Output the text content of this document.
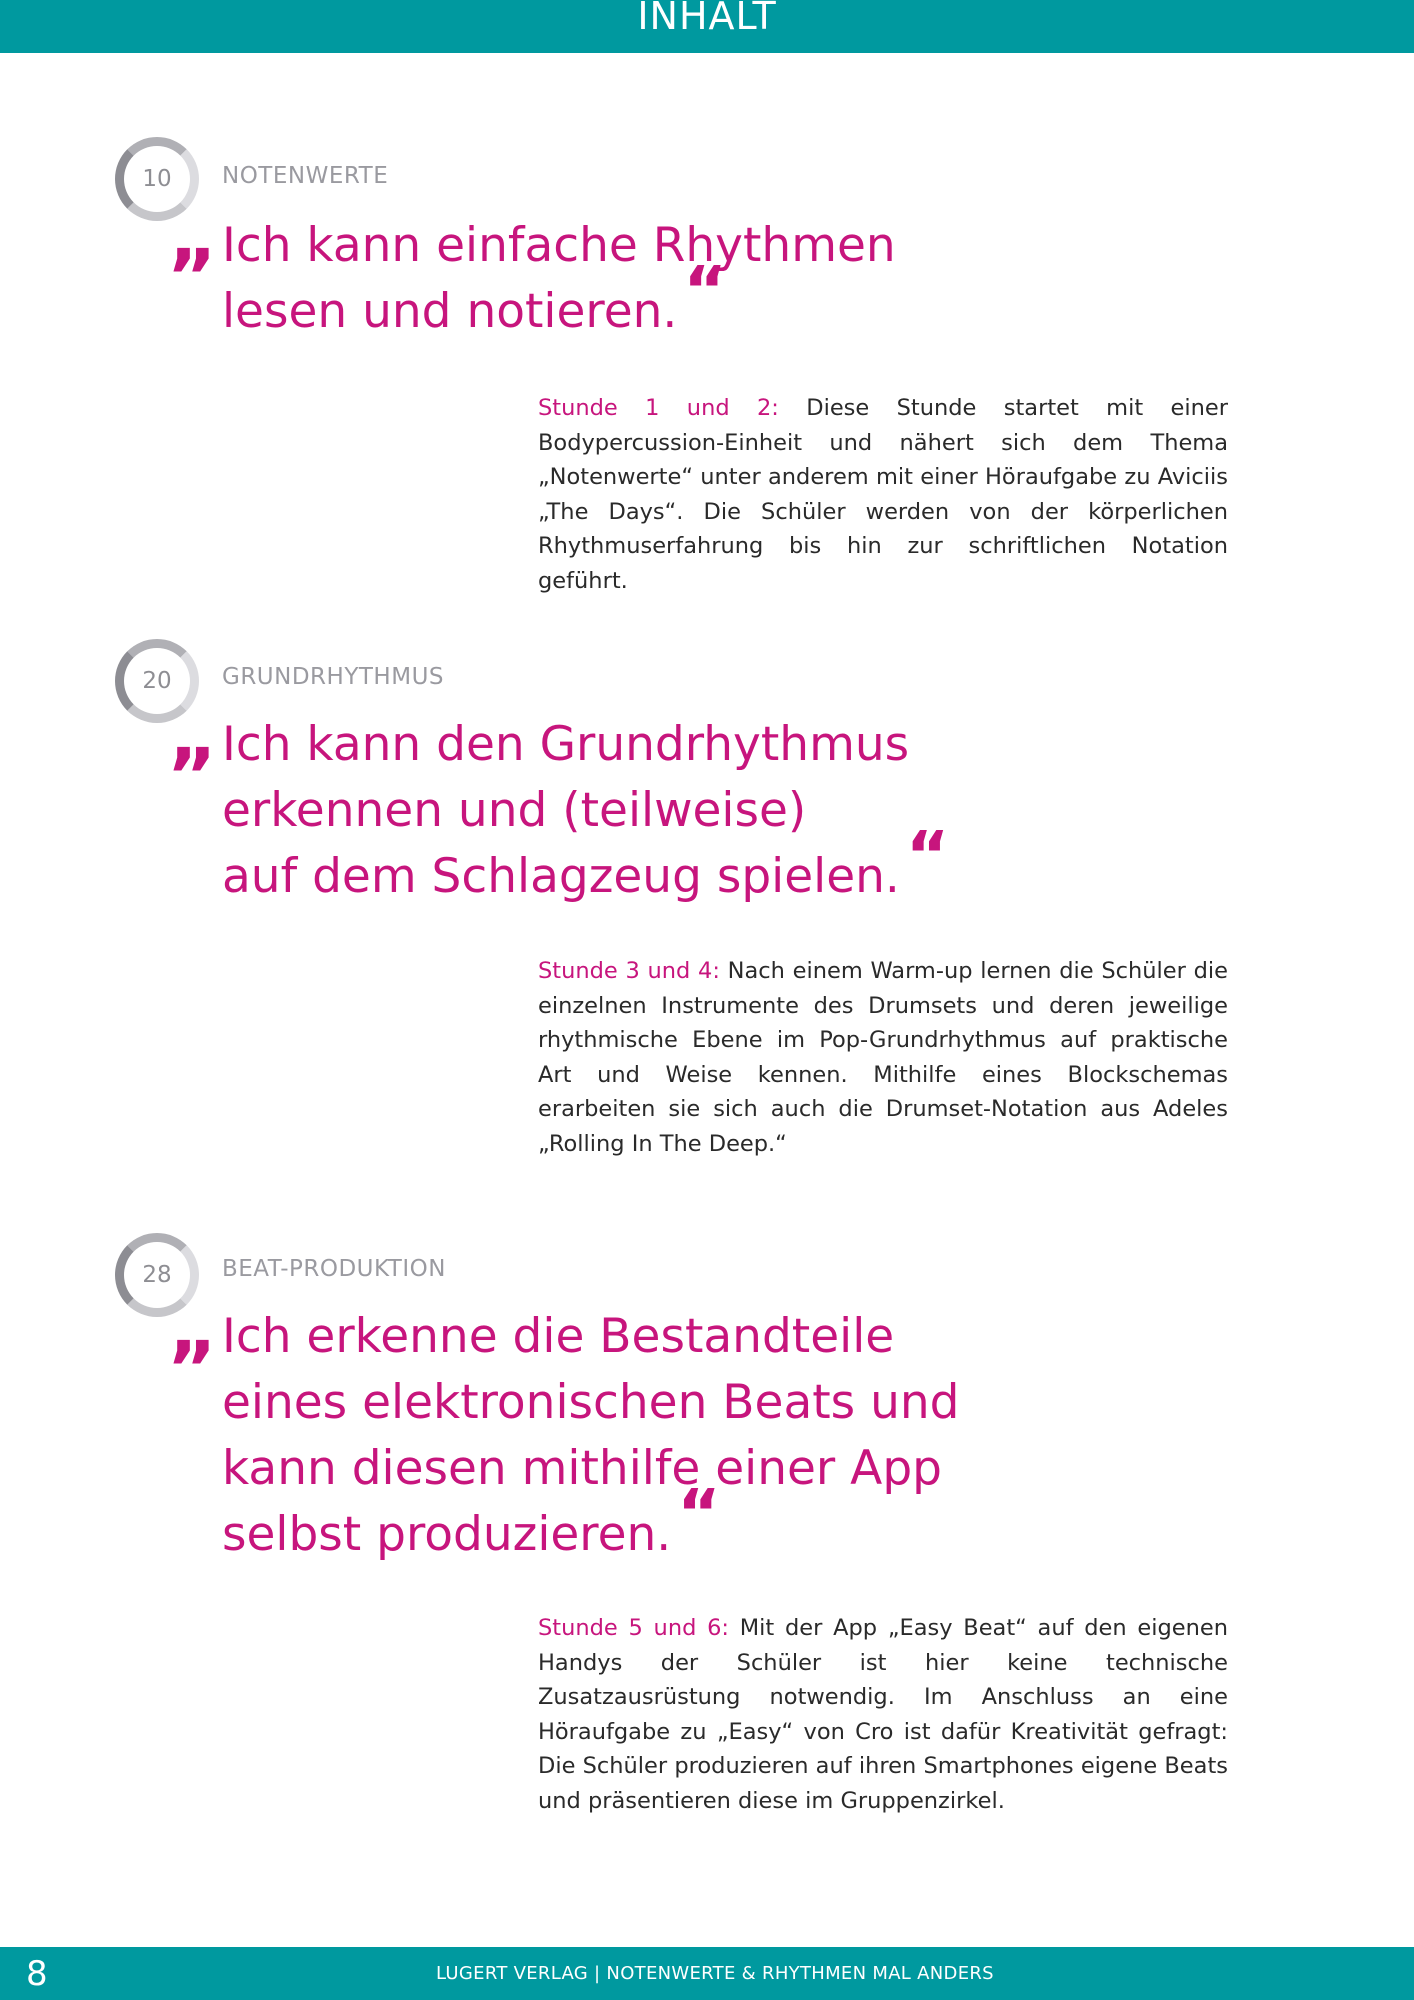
INHALT
10	NOTENWERTE
„ Ich kann einfache Rhythmen
lesen und notieren.“

Stunde 1 und 2: Diese Stunde startet mit einer Bodypercussion-Einheit und nähert sich dem Thema „Notenwerte“ unter anderem mit einer Höraufgabe zu Aviciis „The Days“. Die Schüler werden von der körperlichen Rhythmuserfahrung bis hin zur schriftlichen Notation geführt.

20	GRUNDRHYTHMUS
„ Ich kann den Grundrhythmus
erkennen und (teilweise)
auf dem Schlagzeug spielen.“

Stunde 3 und 4: Nach einem Warm-up lernen die Schüler die einzelnen Instrumente des Drumsets und deren jeweilige rhythmische Ebene im Pop-Grundrhythmus auf praktische Art und Weise kennen. Mithilfe eines Blockschemas erarbeiten sie sich auch die Drumset-Notation aus Adeles „Rolling In The Deep.“

28	BEAT-PRODUKTION
„ Ich erkenne die Bestandteile
eines elektronischen Beats und
kann diesen mithilfe einer App
selbst produzieren.“

Stunde 5 und 6: Mit der App „Easy Beat“ auf den eigenen Handys der Schüler ist hier keine technische Zusatzausrüstung notwendig. Im Anschluss an eine Höraufgabe zu „Easy“ von Cro ist dafür Kreativität gefragt: Die Schüler produzieren auf ihren Smartphones eigene Beats und präsentieren diese im Gruppenzirkel.

8	LUGERT VERLAG | NOTENWERTE & RHYTHMEN MAL ANDERS
